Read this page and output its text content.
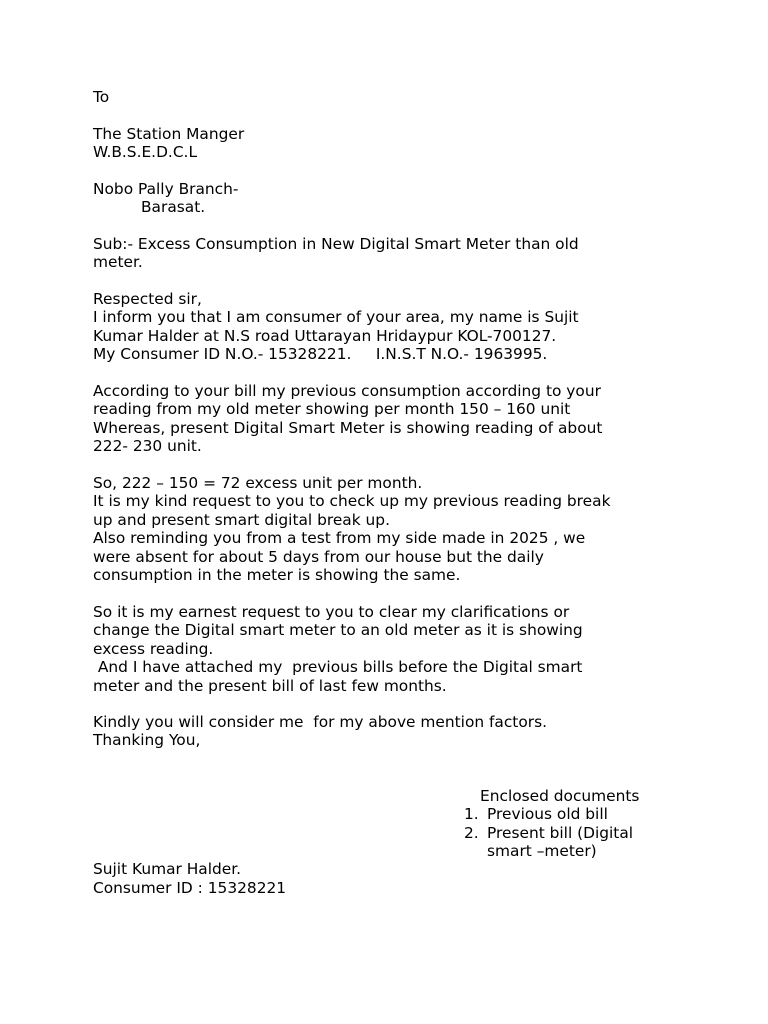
To
The Station Manger
W.B.S.E.D.C.L
Nobo Pally Branch-
Barasat.
Sub:- Excess Consumption in New Digital Smart Meter than old
meter.
Respected sir,
I inform you that I am consumer of your area, my name is Sujit
Kumar Halder at N.S road Uttarayan Hridaypur KOL-700127.
My Consumer ID N.O.- 15328221.     I.N.S.T N.O.- 1963995.
According to your bill my previous consumption according to your
reading from my old meter showing per month 150 – 160 unit
Whereas, present Digital Smart Meter is showing reading of about
222- 230 unit.
So, 222 – 150 = 72 excess unit per month.
It is my kind request to you to check up my previous reading break
up and present smart digital break up.
Also reminding you from a test from my side made in 2025 , we
were absent for about 5 days from our house but the daily
consumption in the meter is showing the same.
So it is my earnest request to you to clear my clarifications or
change the Digital smart meter to an old meter as it is showing
excess reading.
And I have attached my  previous bills before the Digital smart
meter and the present bill of last few months.
Kindly you will consider me  for my above mention factors.
Thanking You,
Enclosed documents
1. Previous old bill
2. Present bill (Digital
smart –meter)
Sujit Kumar Halder.
Consumer ID : 15328221
